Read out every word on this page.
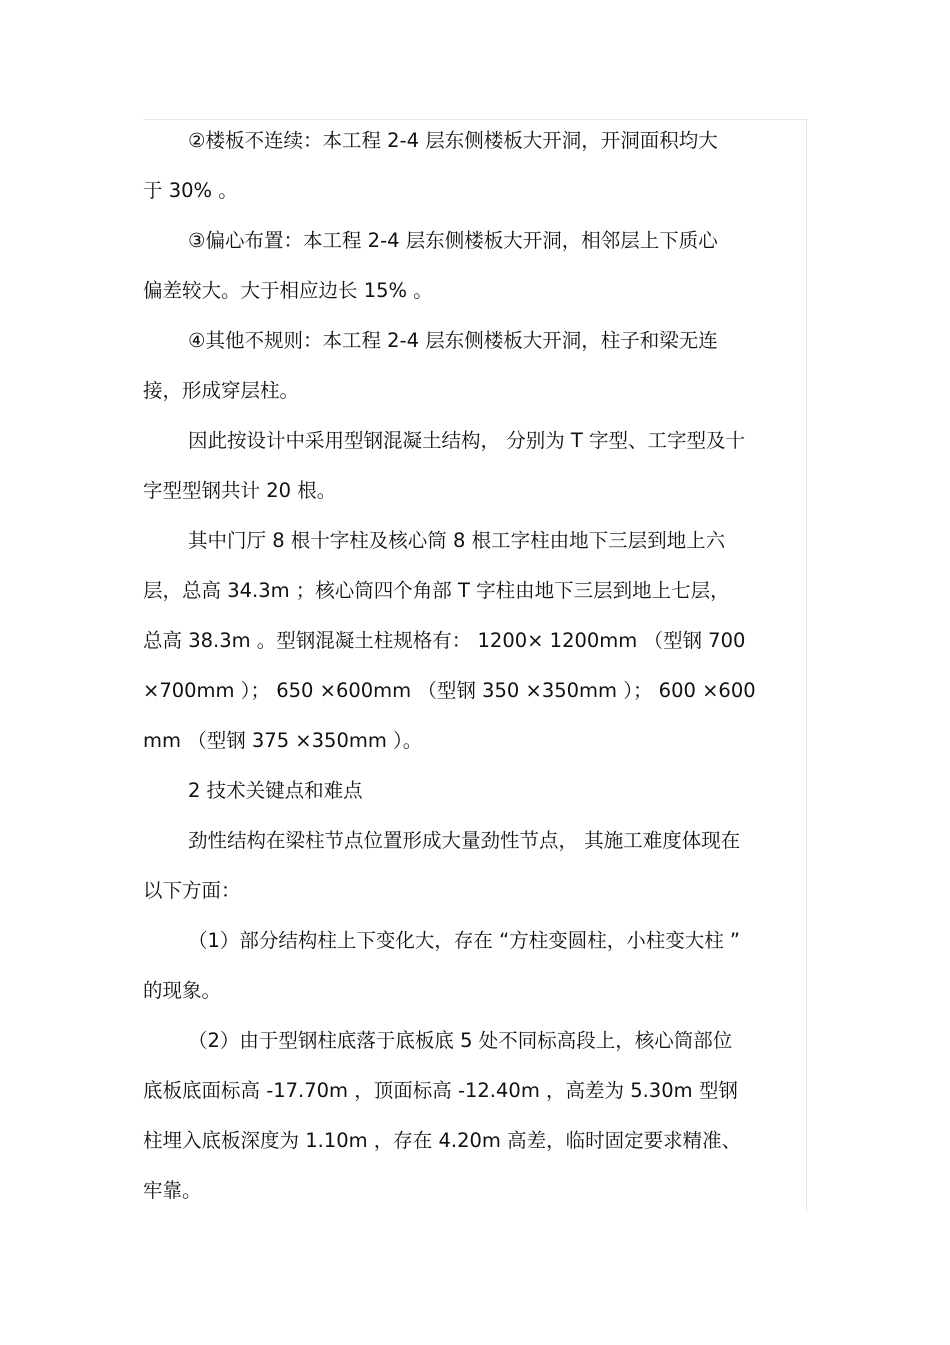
②楼板不连续：本工程 2-4 层东侧楼板大开洞，开洞面积均大

于 30% 。

③偏心布置：本工程 2-4 层东侧楼板大开洞，相邻层上下质心

偏差较大。大于相应边长 15% 。

④其他不规则：本工程 2-4 层东侧楼板大开洞，柱子和梁无连

接，形成穿层柱。

因此按设计中采用型钢混凝土结构， 分别为 T 字型、工字型及十

字型型钢共计 20 根。

其中门厅 8 根十字柱及核心筒 8 根工字柱由地下三层到地上六

层，总高 34.3m ；核心筒四个角部 T 字柱由地下三层到地上七层，

总高 38.3m 。型钢混凝土柱规格有： 1200× 1200mm （型钢 700

×700mm ）； 650 ×600mm （型钢 350 ×350mm ）； 600 ×600

mm （型钢 375 ×350mm ）。

2 技术关键点和难点

劲性结构在梁柱节点位置形成大量劲性节点， 其施工难度体现在

以下方面：

（1）部分结构柱上下变化大，存在 “方柱变圆柱，小柱变大柱 ”

的现象。

（2）由于型钢柱底落于底板底 5 处不同标高段上，核心筒部位

底板底面标高 -17.70m ，顶面标高 -12.40m ，高差为 5.30m 型钢

柱埋入底板深度为 1.10m ，存在 4.20m 高差，临时固定要求精准、

牢靠。
